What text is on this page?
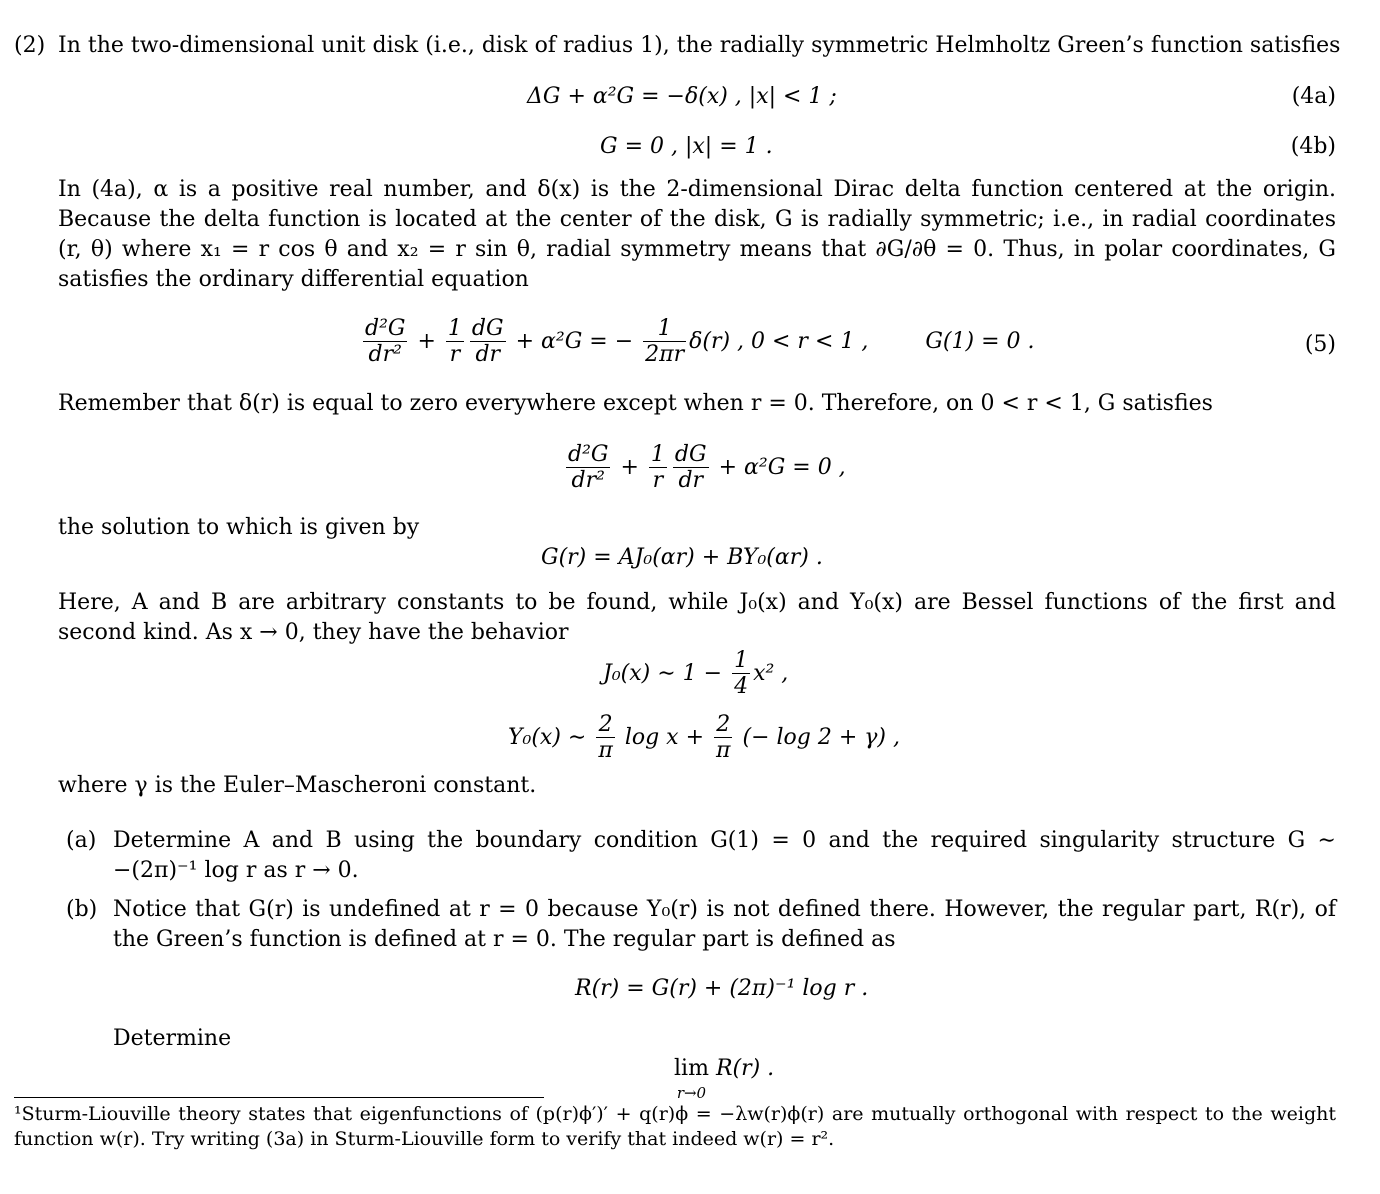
(2) In the two-dimensional unit disk (i.e., disk of radius 1), the radially symmetric Helmholtz Green’s function satisfies
ΔG + α²G = −δ(x) , |x| < 1 ;	(4a)
G = 0 , |x| = 1 .	(4b)
In (4a), α is a positive real number, and δ(x) is the 2-dimensional Dirac delta function centered at the origin. Because the delta function is located at the center of the disk, G is radially symmetric; i.e., in radial coordinates (r, θ) where x₁ = r cos θ and x₂ = r sin θ, radial symmetry means that ∂G/∂θ = 0. Thus, in polar coordinates, G satisfies the ordinary differential equation
$\frac{\text{d²G}}{\text{dr²}} + \frac{1}{r} \frac{dG}{dr} + \alpha^2G$ = − $\frac{1}{2\pi r} \delta(r)$ , 0 < r < 1 ,	G(1) = 0 .	(5)
Remember that δ(r) is equal to zero everywhere except when r = 0. Therefore, on 0 < r < 1, G satisfies
$\frac{\text{d²G}}{\text{dr²}} + \frac{1}{r} \frac{dG}{dr} + \alpha^2G = 0$ ,
the solution to which is given by
G(r) = AJ₀(αr) + BY₀(αr) .
Here, A and B are arbitrary constants to be found, while J₀(x) and Y₀(x) are Bessel functions of the first and second kind. As x → 0, they have the behavior
J₀(x) ∼ $1 - \frac{1}{4} x^2$ ,
Y₀(x) ∼ $\frac{2}{\pi}$ $\log x + \frac{2}{\pi}$ (− log 2 + γ) ,
where γ is the Euler–Mascheroni constant.
(a) Determine A and B using the boundary condition G(1) = 0 and the required singularity structure G ∼ −(2π)⁻¹ log r as r → 0.
(b) Notice that G(r) is undefined at r = 0 because Y₀(r) is not defined there. However, the regular part, R(r), of the Green’s function is defined at r = 0. The regular part is defined as
R(r) = G(r) + (2π)⁻¹ log r .
Determine
lim
r→0
R(r) .
¹Sturm-Liouville theory states that eigenfunctions of (p(r)ϕ′)′ + q(r)ϕ = −λw(r)ϕ(r) are mutually orthogonal with respect to the weight function w(r). Try writing (3a) in Sturm-Liouville form to verify that indeed w(r) = r².
